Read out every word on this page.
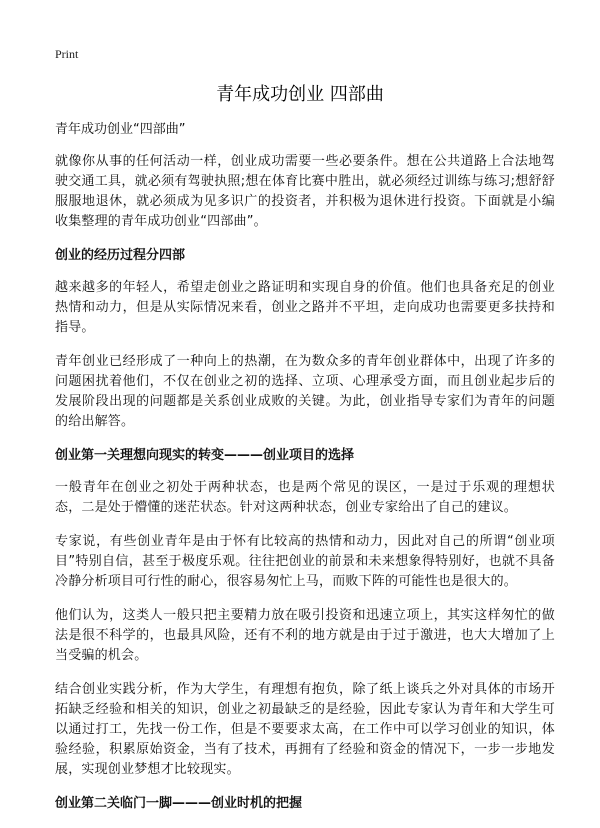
Print
青年成功创业 四部曲

青年成功创业“四部曲”

就像你从事的任何活动一样，创业成功需要一些必要条件。想在公共道路上合法地驾驶交通工具，就必须有驾驶执照;想在体育比赛中胜出，就必须经过训练与练习;想舒舒服服地退休，就必须成为见多识广的投资者，并积极为退休进行投资。下面就是小编收集整理的青年成功创业“四部曲”。

创业的经历过程分四部

越来越多的年轻人，希望走创业之路证明和实现自身的价值。他们也具备充足的创业热情和动力，但是从实际情况来看，创业之路并不平坦，走向成功也需要更多扶持和指导。

青年创业已经形成了一种向上的热潮，在为数众多的青年创业群体中，出现了许多的问题困扰着他们，不仅在创业之初的选择、立项、心理承受方面，而且创业起步后的发展阶段出现的问题都是关系创业成败的关键。为此，创业指导专家们为青年的问题的给出解答。

创业第一关理想向现实的转变———创业项目的选择

一般青年在创业之初处于两种状态，也是两个常见的误区，一是过于乐观的理想状态，二是处于懵懂的迷茫状态。针对这两种状态，创业专家给出了自己的建议。

专家说，有些创业青年是由于怀有比较高的热情和动力，因此对自己的所谓“创业项目”特别自信，甚至于极度乐观。往往把创业的前景和未来想象得特别好，也就不具备冷静分析项目可行性的耐心，很容易匆忙上马，而败下阵的可能性也是很大的。

他们认为，这类人一般只把主要精力放在吸引投资和迅速立项上，其实这样匆忙的做法是很不科学的，也最具风险，还有不利的地方就是由于过于激进，也大大增加了上当受骗的机会。

结合创业实践分析，作为大学生，有理想有抱负，除了纸上谈兵之外对具体的市场开拓缺乏经验和相关的知识，创业之初最缺乏的是经验，因此专家认为青年和大学生可以通过打工，先找一份工作，但是不要要求太高，在工作中可以学习创业的知识，体验经验，积累原始资金，当有了技术，再拥有了经验和资金的情况下，一步一步地发展，实现创业梦想才比较现实。

创业第二关临门一脚———创业时机的把握
